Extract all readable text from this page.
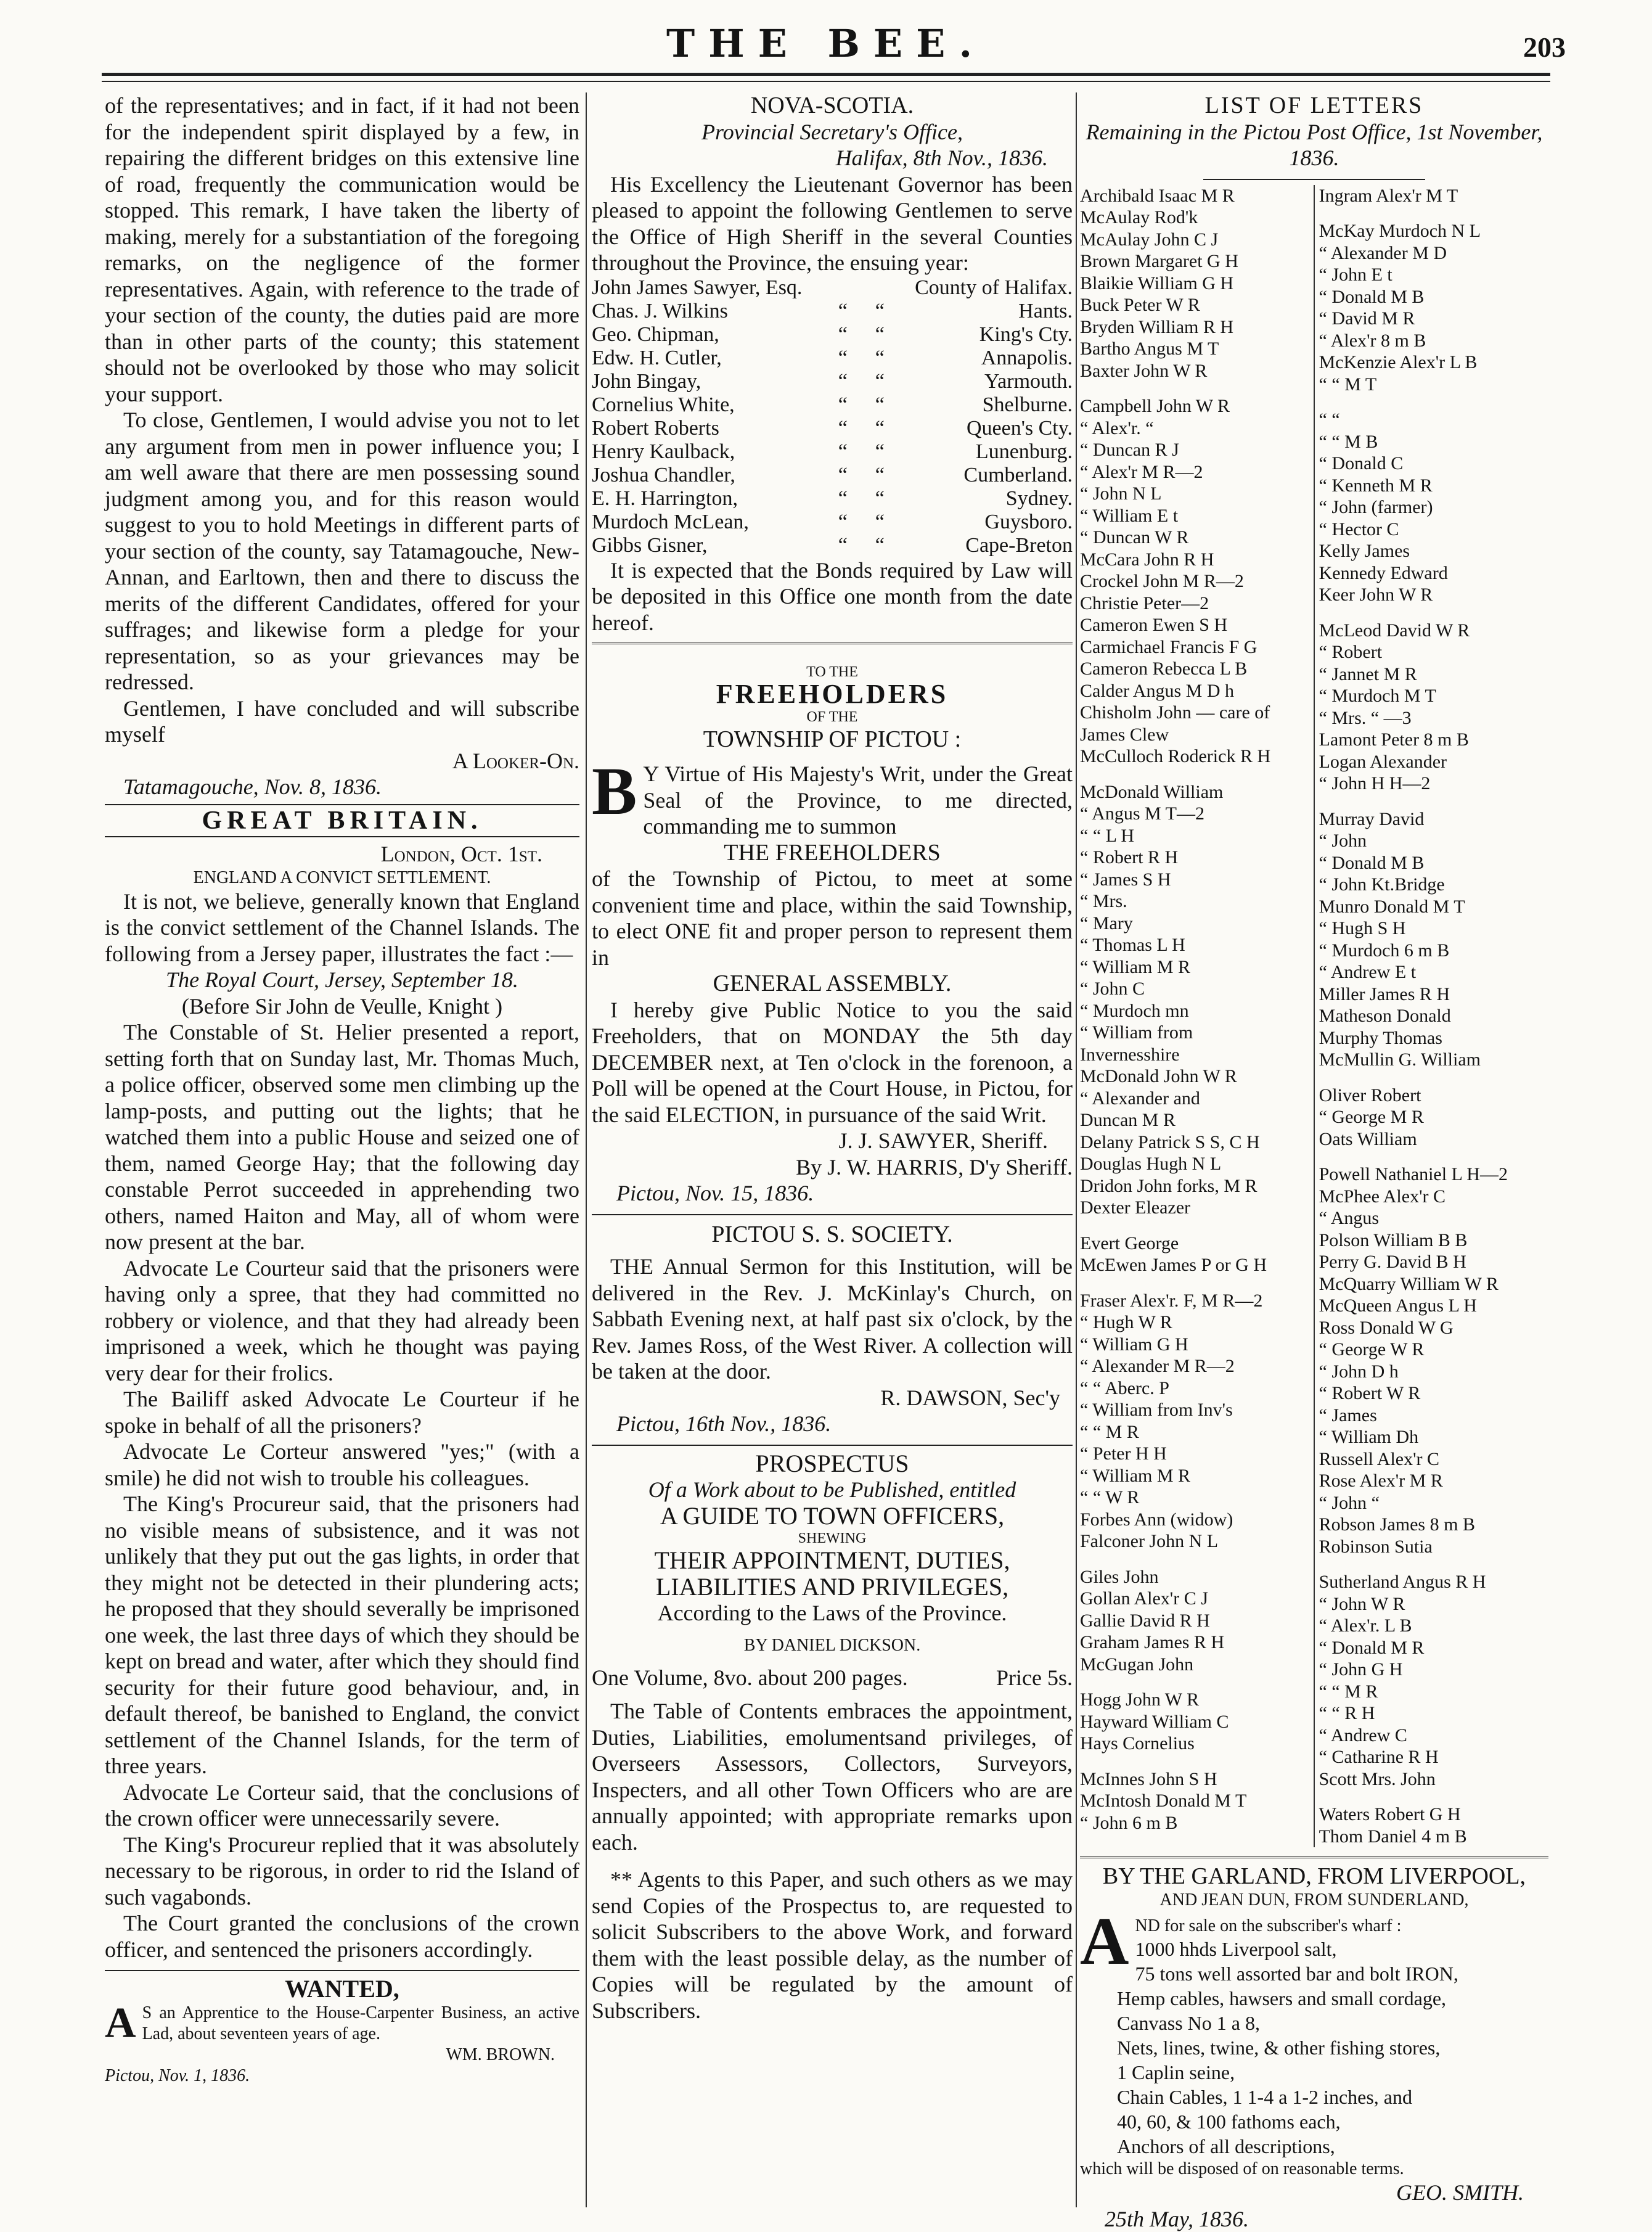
THE BEE.	203

of the representatives; and in fact, if it had not been for the independent spirit displayed by a few, in repairing the different bridges on this extensive line of road, frequently the communication would be stopped. This remark, I have taken the liberty of making, merely for a substantiation of the foregoing remarks, on the negligence of the former representatives. Again, with reference to the trade of your section of the county, the duties paid are more than in other parts of the county; this statement should not be overlooked by those who may solicit your support.

To close, Gentlemen, I would advise you not to let any argument from men in power influence you; I am well aware that there are men possessing sound judgment among you, and for this reason would suggest to you to hold Meetings in different parts of your section of the county, say Tatamagouche, New-Annan, and Earltown, then and there to discuss the merits of the different Candidates, offered for your suffrages; and likewise form a pledge for your representation, so as your grievances may be redressed.

Gentlemen, I have concluded and will subscribe myself

A Looker-On.

Tatamagouche, Nov. 8, 1836.

GREAT BRITAIN.
London, Oct. 1st.
ENGLAND A CONVICT SETTLEMENT.

It is not, we believe, generally known that England is the convict settlement of the Channel Islands. The following from a Jersey paper, illustrates the fact :—

The Royal Court, Jersey, September 18.
(Before Sir John de Veulle, Knight )

The Constable of St. Helier presented a report, setting forth that on Sunday last, Mr. Thomas Much, a police officer, observed some men climbing up the lamp-posts, and putting out the lights; that he watched them into a public House and seized one of them, named George Hay; that the following day constable Perrot succeeded in apprehending two others, named Haiton and May, all of whom were now present at the bar.

Advocate Le Courteur said that the prisoners were having only a spree, that they had committed no robbery or violence, and that they had already been imprisoned a week, which he thought was paying very dear for their frolics.

The Bailiff asked Advocate Le Courteur if he spoke in behalf of all the prisoners?

Advocate Le Corteur answered "yes;" (with a smile) he did not wish to trouble his colleagues.

The King's Procureur said, that the prisoners had no visible means of subsistence, and it was not unlikely that they put out the gas lights, in order that they might not be detected in their plundering acts; he proposed that they should severally be imprisoned one week, the last three days of which they should be kept on bread and water, after which they should find security for their future good behaviour, and, in default thereof, be banished to England, the convict settlement of the Channel Islands, for the term of three years.

Advocate Le Corteur said, that the conclusions of the crown officer were unnecessarily severe.

The King's Procureur replied that it was absolutely necessary to be rigorous, in order to rid the Island of such vagabonds.

The Court granted the conclusions of the crown officer, and sentenced the prisoners accordingly.

WANTED,
A S an Apprentice to the House-Carpenter Business, an active Lad, about seventeen years of age.
WM. BROWN.
Pictou, Nov. 1, 1836.
NOVA-SCOTIA.
Provincial Secretary's Office,
Halifax, 8th Nov., 1836.

His Excellency the Lieutenant Governor has been pleased to appoint the following Gentlemen to serve the Office of High Sheriff in the several Counties throughout the Province, the ensuing year:

John James Sawyer, Esq.			County of Halifax.
Chas. J. Wilkins	“	“	Hants.
Geo. Chipman,	“	“	King's Cty.
Edw. H. Cutler,	“	“	Annapolis.
John Bingay,	“	“	Yarmouth.
Cornelius White,	“	“	Shelburne.
Robert Roberts	“	“	Queen's Cty.
Henry Kaulback,	“	“	Lunenburg.
Joshua Chandler,	“	“	Cumberland.
E. H. Harrington,	“	“	Sydney.
Murdoch McLean,	“	“	Guysboro.
Gibbs Gisner,	“	“	Cape-Breton

It is expected that the Bonds required by Law will be deposited in this Office one month from the date hereof.

TO THE
FREEHOLDERS
OF THE
TOWNSHIP OF PICTOU :
B Y Virtue of His Majesty's Writ, under the Great Seal of the Province, to me directed, commanding me to summon
THE FREEHOLDERS

of the Township of Pictou, to meet at some convenient time and place, within the said Township, to elect ONE fit and proper person to represent them in

GENERAL ASSEMBLY.

I hereby give Public Notice to you the said Freeholders, that on MONDAY the 5th day DECEMBER next, at Ten o'clock in the forenoon, a Poll will be opened at the Court House, in Pictou, for the said ELECTION, in pursuance of the said Writ.

J. J. SAWYER, Sheriff.
By J. W. HARRIS, D'y Sheriff.
Pictou, Nov. 15, 1836.
PICTOU S. S. SOCIETY.

THE Annual Sermon for this Institution, will be delivered in the Rev. J. McKinlay's Church, on Sabbath Evening next, at half past six o'clock, by the Rev. James Ross, of the West River. A collection will be taken at the door.

R. DAWSON, Sec'y
Pictou, 16th Nov., 1836.
PROSPECTUS
Of a Work about to be Published, entitled
A GUIDE TO TOWN OFFICERS,
SHEWING
THEIR APPOINTMENT, DUTIES, LIABILITIES AND PRIVILEGES,
According to the Laws of the Province.
BY DANIEL DICKSON.
One Volume, 8vo. about 200 pages.	Price 5s.

The Table of Contents embraces the appointment, Duties, Liabilities, emolumentsand privileges, of Overseers Assessors, Collectors, Surveyors, Inspecters, and all other Town Officers who are are annually appointed; with appropriate remarks upon each.

** Agents to this Paper, and such others as we may send Copies of the Prospectus to, are requested to solicit Subscribers to the above Work, and forward them with the least possible delay, as the number of Copies will be regulated by the amount of Subscribers.

LIST OF LETTERS
Remaining in the Pictou Post Office, 1st November, 1836.
Archibald Isaac M R
McAulay Rod'k
McAulay John C J
Brown Margaret G H
Blaikie William G H
Buck Peter W R
Bryden William R H
Bartho Angus M T
Baxter John W R
Campbell John W R
“ Alex'r. “
“ Duncan R J
“ Alex'r M R—2
“ John N L
“ William E t
“ Duncan W R
McCara John R H
Crockel John M R—2
Christie Peter—2
Cameron Ewen S H
Carmichael Francis F G
Cameron Rebecca L B
Calder Angus M D h
Chisholm John — care of
James Clew
McCulloch Roderick R H
McDonald William
“ Angus M T—2
“ “ L H
“ Robert R H
“ James S H
“ Mrs.
“ Mary
“ Thomas L H
“ William M R
“ John C
“ Murdoch mn
“ William from
Invernesshire
McDonald John W R
“ Alexander and
Duncan M R
Delany Patrick S S, C H
Douglas Hugh N L
Dridon John forks, M R
Dexter Eleazer
Evert George
McEwen James P or G H
Fraser Alex'r. F, M R—2
“ Hugh W R
“ William G H
“ Alexander M R—2
“ “ Aberc. P
“ William from Inv's
“ “ M R
“ Peter H H
“ William M R
“ “ W R
Forbes Ann (widow)
Falconer John N L
Giles John
Gollan Alex'r C J
Gallie David R H
Graham James R H
McGugan John
Hogg John W R
Hayward William C
Hays Cornelius
McInnes John S H
McIntosh Donald M T
“ John 6 m B
Ingram Alex'r M T
McKay Murdoch N L
“ Alexander M D
“ John E t
“ Donald M B
“ David M R
“ Alex'r 8 m B
McKenzie Alex'r L B
“ “ M T
“ “
“ “ M B
“ Donald C
“ Kenneth M R
“ John (farmer)
“ Hector C
Kelly James
Kennedy Edward
Keer John W R
McLeod David W R
“ Robert
“ Jannet M R
“ Murdoch M T
“ Mrs. “ —3
Lamont Peter 8 m B
Logan Alexander
“ John H H—2
Murray David
“ John
“ Donald M B
“ John Kt.Bridge
Munro Donald M T
“ Hugh S H
“ Murdoch 6 m B
“ Andrew E t
Miller James R H
Matheson Donald
Murphy Thomas
McMullin G. William
Oliver Robert
“ George M R
Oats William
Powell Nathaniel L H—2
McPhee Alex'r C
“ Angus
Polson William B B
Perry G. David B H
McQuarry William W R
McQueen Angus L H
Ross Donald W G
“ George W R
“ John D h
“ Robert W R
“ James
“ William Dh
Russell Alex'r C
Rose Alex'r M R
“ John “
Robson James 8 m B
Robinson Sutia
Sutherland Angus R H
“ John W R
“ Alex'r. L B
“ Donald M R
“ John G H
“ “ M R
“ “ R H
“ Andrew C
“ Catharine R H
Scott Mrs. John
Waters Robert G H
Thom Daniel 4 m B
BY THE GARLAND, FROM LIVERPOOL,
AND JEAN DUN, FROM SUNDERLAND,
A ND for sale on the subscriber's wharf :
1000 hhds Liverpool salt,
75 tons well assorted bar and bolt IRON,
Hemp cables, hawsers and small cordage,
Canvass No 1 a 8,
Nets, lines, twine, & other fishing stores,
1 Caplin seine,
Chain Cables, 1 1-4 a 1-2 inches, and
40, 60, & 100 fathoms each,
Anchors of all descriptions,
which will be disposed of on reasonable terms.
GEO. SMITH.
25th May, 1836.
